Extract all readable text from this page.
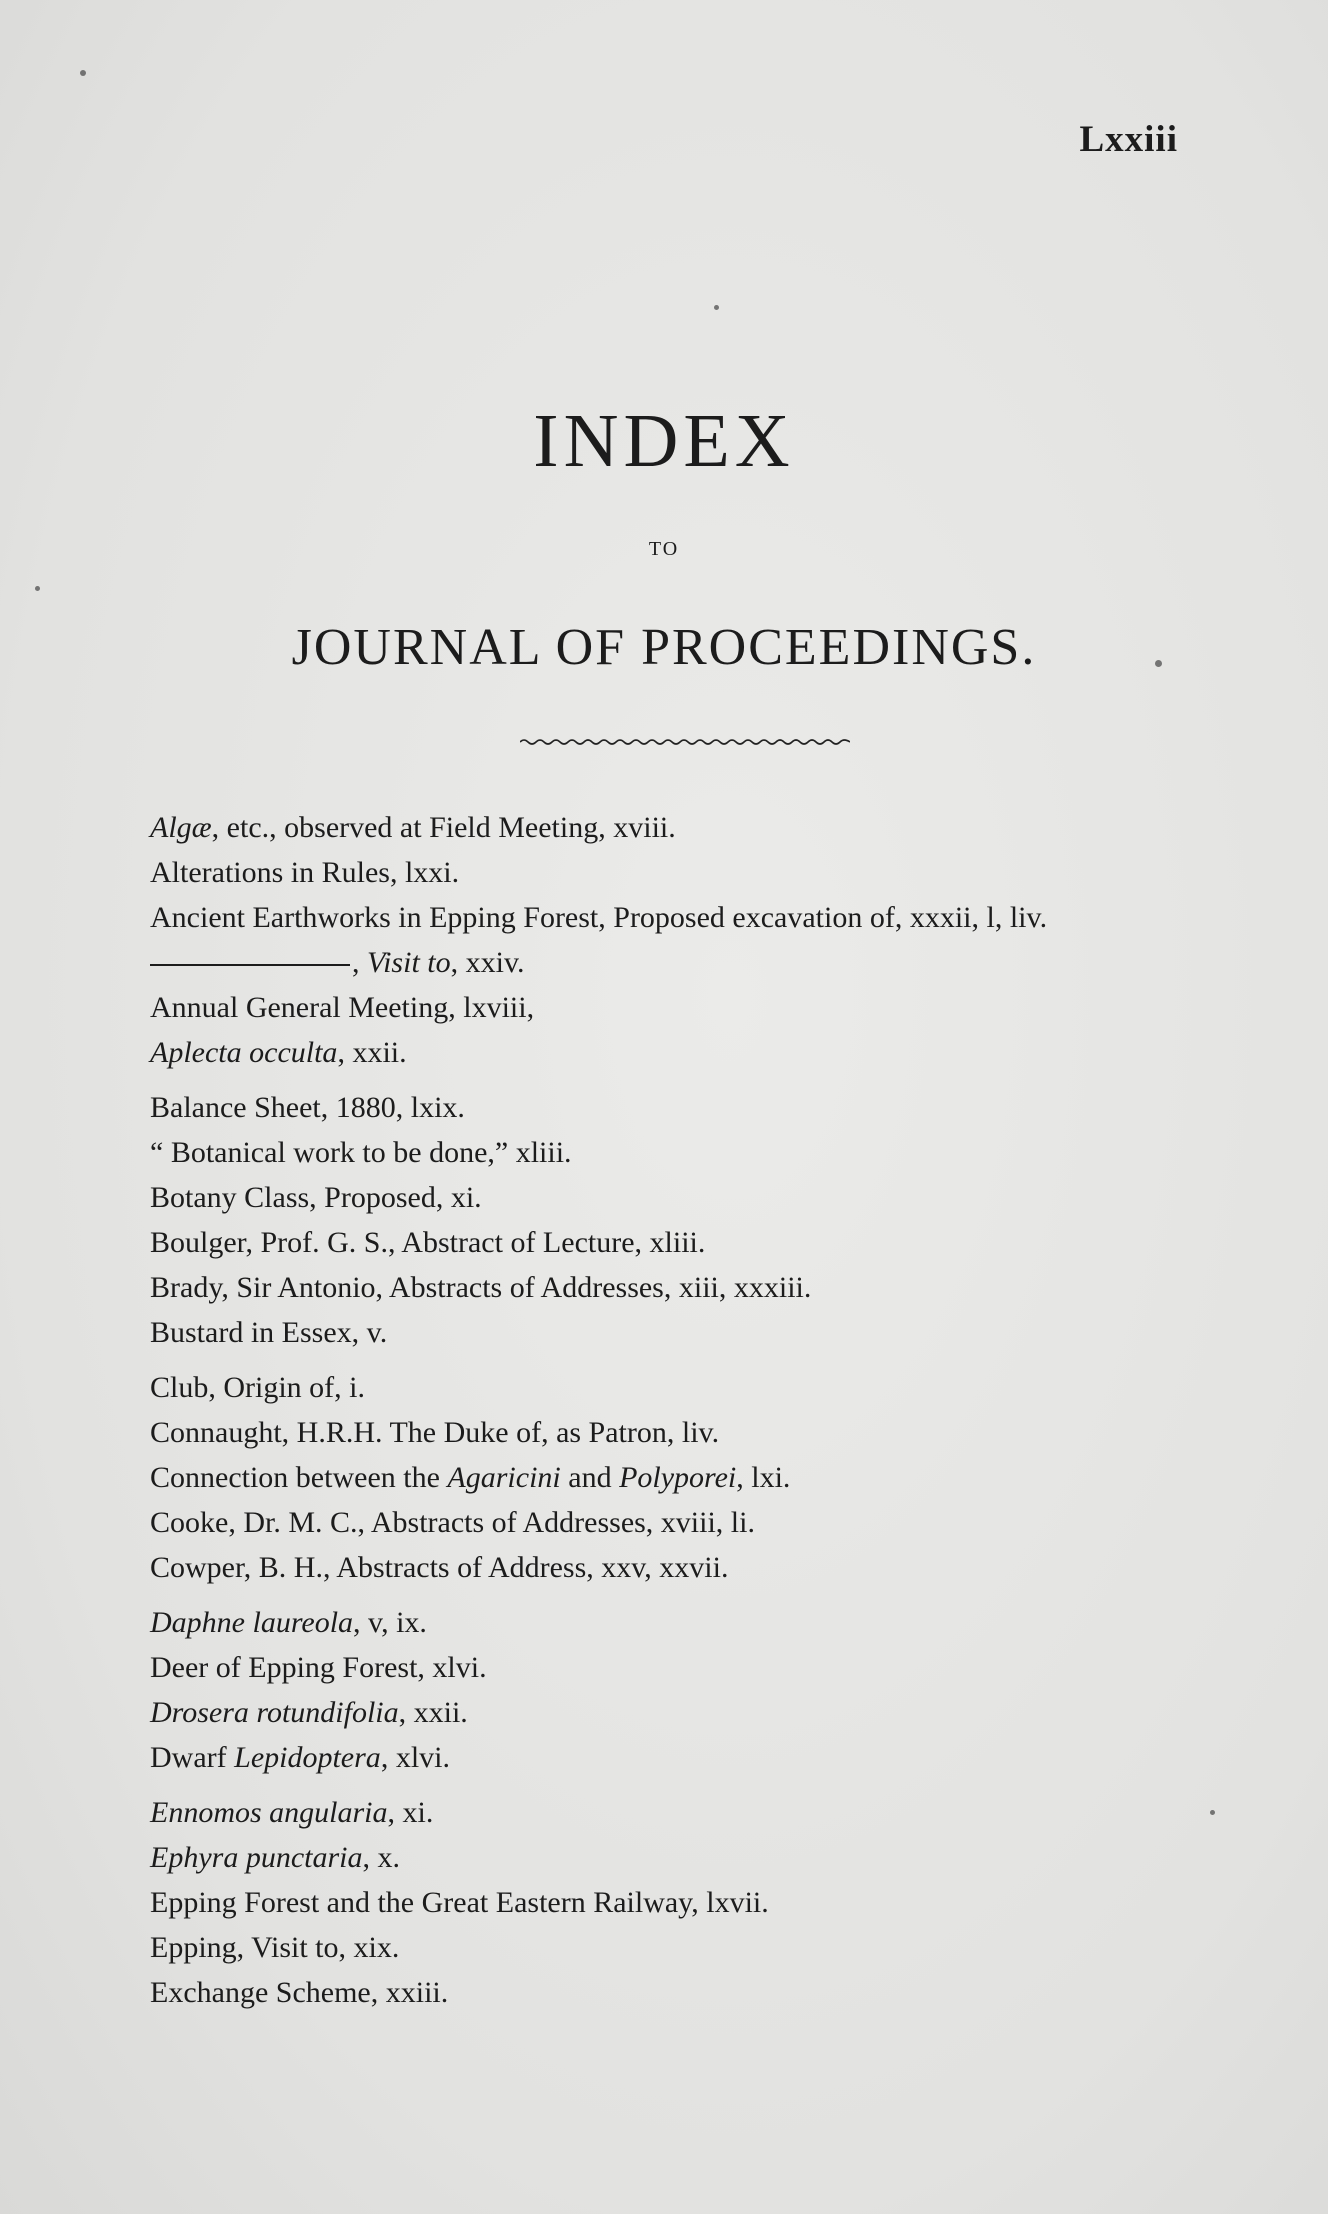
Lxxiii
INDEX
TO
JOURNAL OF PROCEEDINGS.

Algæ, etc., observed at Field Meeting, xviii.

Alterations in Rules, lxxi.

Ancient Earthworks in Epping Forest, Proposed excavation of, xxxii, l, liv.

, Visit to, xxiv.

Annual General Meeting, lxviii,

Aplecta occulta, xxii.

Balance Sheet, 1880, lxix.

“ Botanical work to be done,” xliii.

Botany Class, Proposed, xi.

Boulger, Prof. G. S., Abstract of Lecture, xliii.

Brady, Sir Antonio, Abstracts of Addresses, xiii, xxxiii.

Bustard in Essex, v.

Club, Origin of, i.

Connaught, H.R.H. The Duke of, as Patron, liv.

Connection between the Agaricini and Polyporei, lxi.

Cooke, Dr. M. C., Abstracts of Addresses, xviii, li.

Cowper, B. H., Abstracts of Address, xxv, xxvii.

Daphne laureola, v, ix.

Deer of Epping Forest, xlvi.

Drosera rotundifolia, xxii.

Dwarf Lepidoptera, xlvi.

Ennomos angularia, xi.

Ephyra punctaria, x.

Epping Forest and the Great Eastern Railway, lxvii.

Epping, Visit to, xix.

Exchange Scheme, xxiii.
